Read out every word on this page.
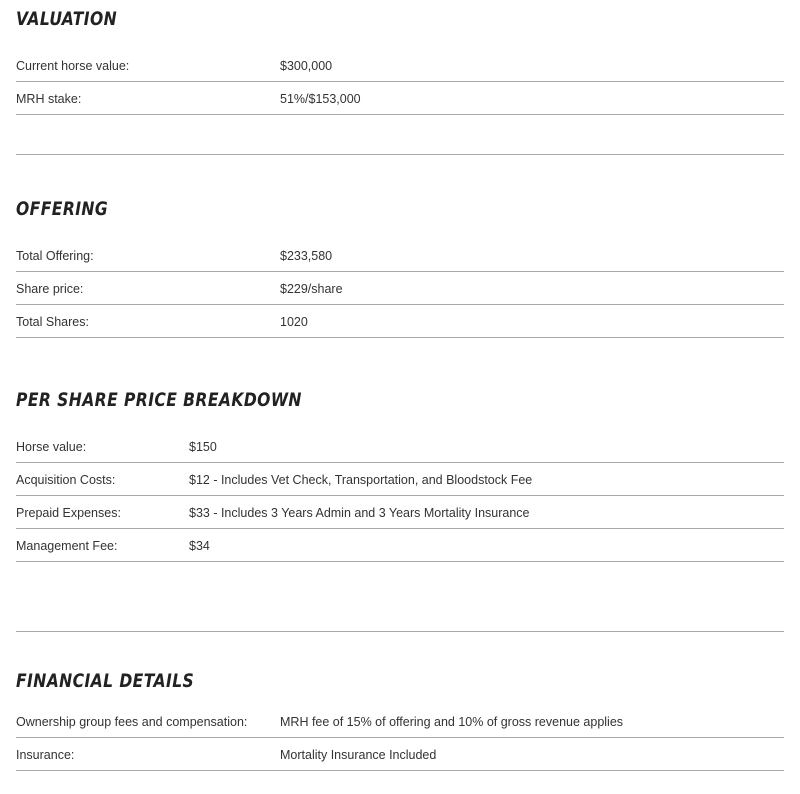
VALUATION
Current horse value:	$300,000
MRH stake:	51%/$153,000
OFFERING
Total Offering:	$233,580
Share price:	$229/share
Total Shares:	1020
PER SHARE PRICE BREAKDOWN
Horse value:	$150
Acquisition Costs:	$12 - Includes Vet Check, Transportation, and Bloodstock Fee
Prepaid Expenses:	$33 - Includes 3 Years Admin and 3 Years Mortality Insurance
Management Fee:	$34
FINANCIAL DETAILS
Ownership group fees and compensation:	MRH fee of 15% of offering and 10% of gross revenue applies
Insurance:	Mortality Insurance Included
